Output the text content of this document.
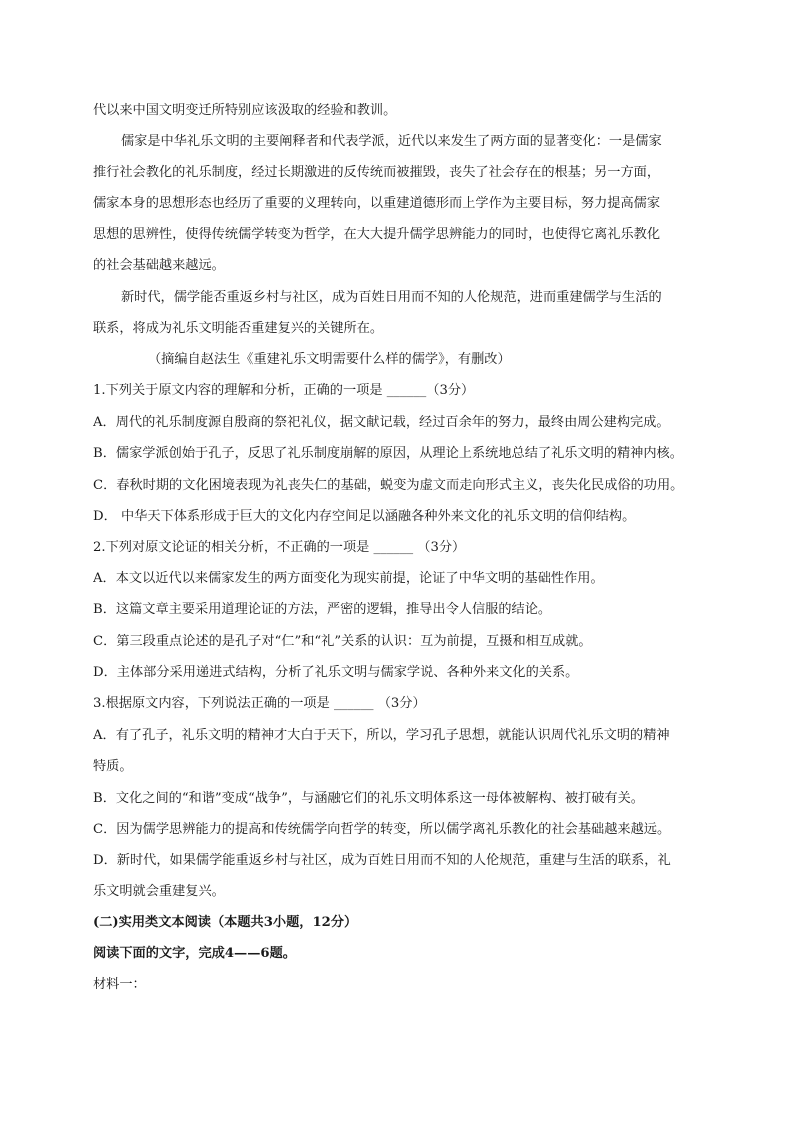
代以来中国文明变迁所特别应该汲取的经验和教训。
儒家是中华礼乐文明的主要阐释者和代表学派，近代以来发生了两方面的显著变化：一是儒家
推行社会教化的礼乐制度，经过长期激进的反传统而被摧毁，丧失了社会存在的根基；另一方面，
儒家本身的思想形态也经历了重要的义理转向，以重建道德形而上学作为主要目标，努力提高儒家
思想的思辨性，使得传统儒学转变为哲学，在大大提升儒学思辨能力的同时，也使得它离礼乐教化
的社会基础越来越远。
新时代，儒学能否重返乡村与社区，成为百姓日用而不知的人伦规范，进而重建儒学与生活的
联系，将成为礼乐文明能否重建复兴的关键所在。
（摘编自赵法生《重建礼乐文明需要什么样的儒学》，有删改）
1.下列关于原文内容的理解和分析，正确的一项是 ______（3分）
A．周代的礼乐制度源自殷商的祭祀礼仪，据文献记载，经过百余年的努力，最终由周公建构完成。
B．儒家学派创始于孔子，反思了礼乐制度崩解的原因，从理论上系统地总结了礼乐文明的精神内核。
C．春秋时期的文化困境表现为礼丧失仁的基础，蜕变为虚文而走向形式主义，丧失化民成俗的功用。
D． 中华天下体系形成于巨大的文化内存空间足以涵融各种外来文化的礼乐文明的信仰结构。
2.下列对原文论证的相关分析，不正确的一项是 ______ （3分）
A．本文以近代以来儒家发生的两方面变化为现实前提，论证了中华文明的基础性作用。
B．这篇文章主要采用道理论证的方法，严密的逻辑，推导出令人信服的结论。
C．第三段重点论述的是孔子对“仁”和“礼”关系的认识：互为前提，互摄和相互成就。
D．主体部分采用递进式结构，分析了礼乐文明与儒家学说、各种外来文化的关系。
3.根据原文内容，下列说法正确的一项是 ______ （3分）
A．有了孔子，礼乐文明的精神才大白于天下，所以，学习孔子思想，就能认识周代礼乐文明的精神
特质。
B．文化之间的“和谐”变成“战争”，与涵融它们的礼乐文明体系这一母体被解构、被打破有关。
C．因为儒学思辨能力的提高和传统儒学向哲学的转变，所以儒学离礼乐教化的社会基础越来越远。
D．新时代，如果儒学能重返乡村与社区，成为百姓日用而不知的人伦规范，重建与生活的联系，礼
乐文明就会重建复兴。
(二)实用类文本阅读（本题共3小题，12分）
阅读下面的文字，完成4——6题。
材料一：
